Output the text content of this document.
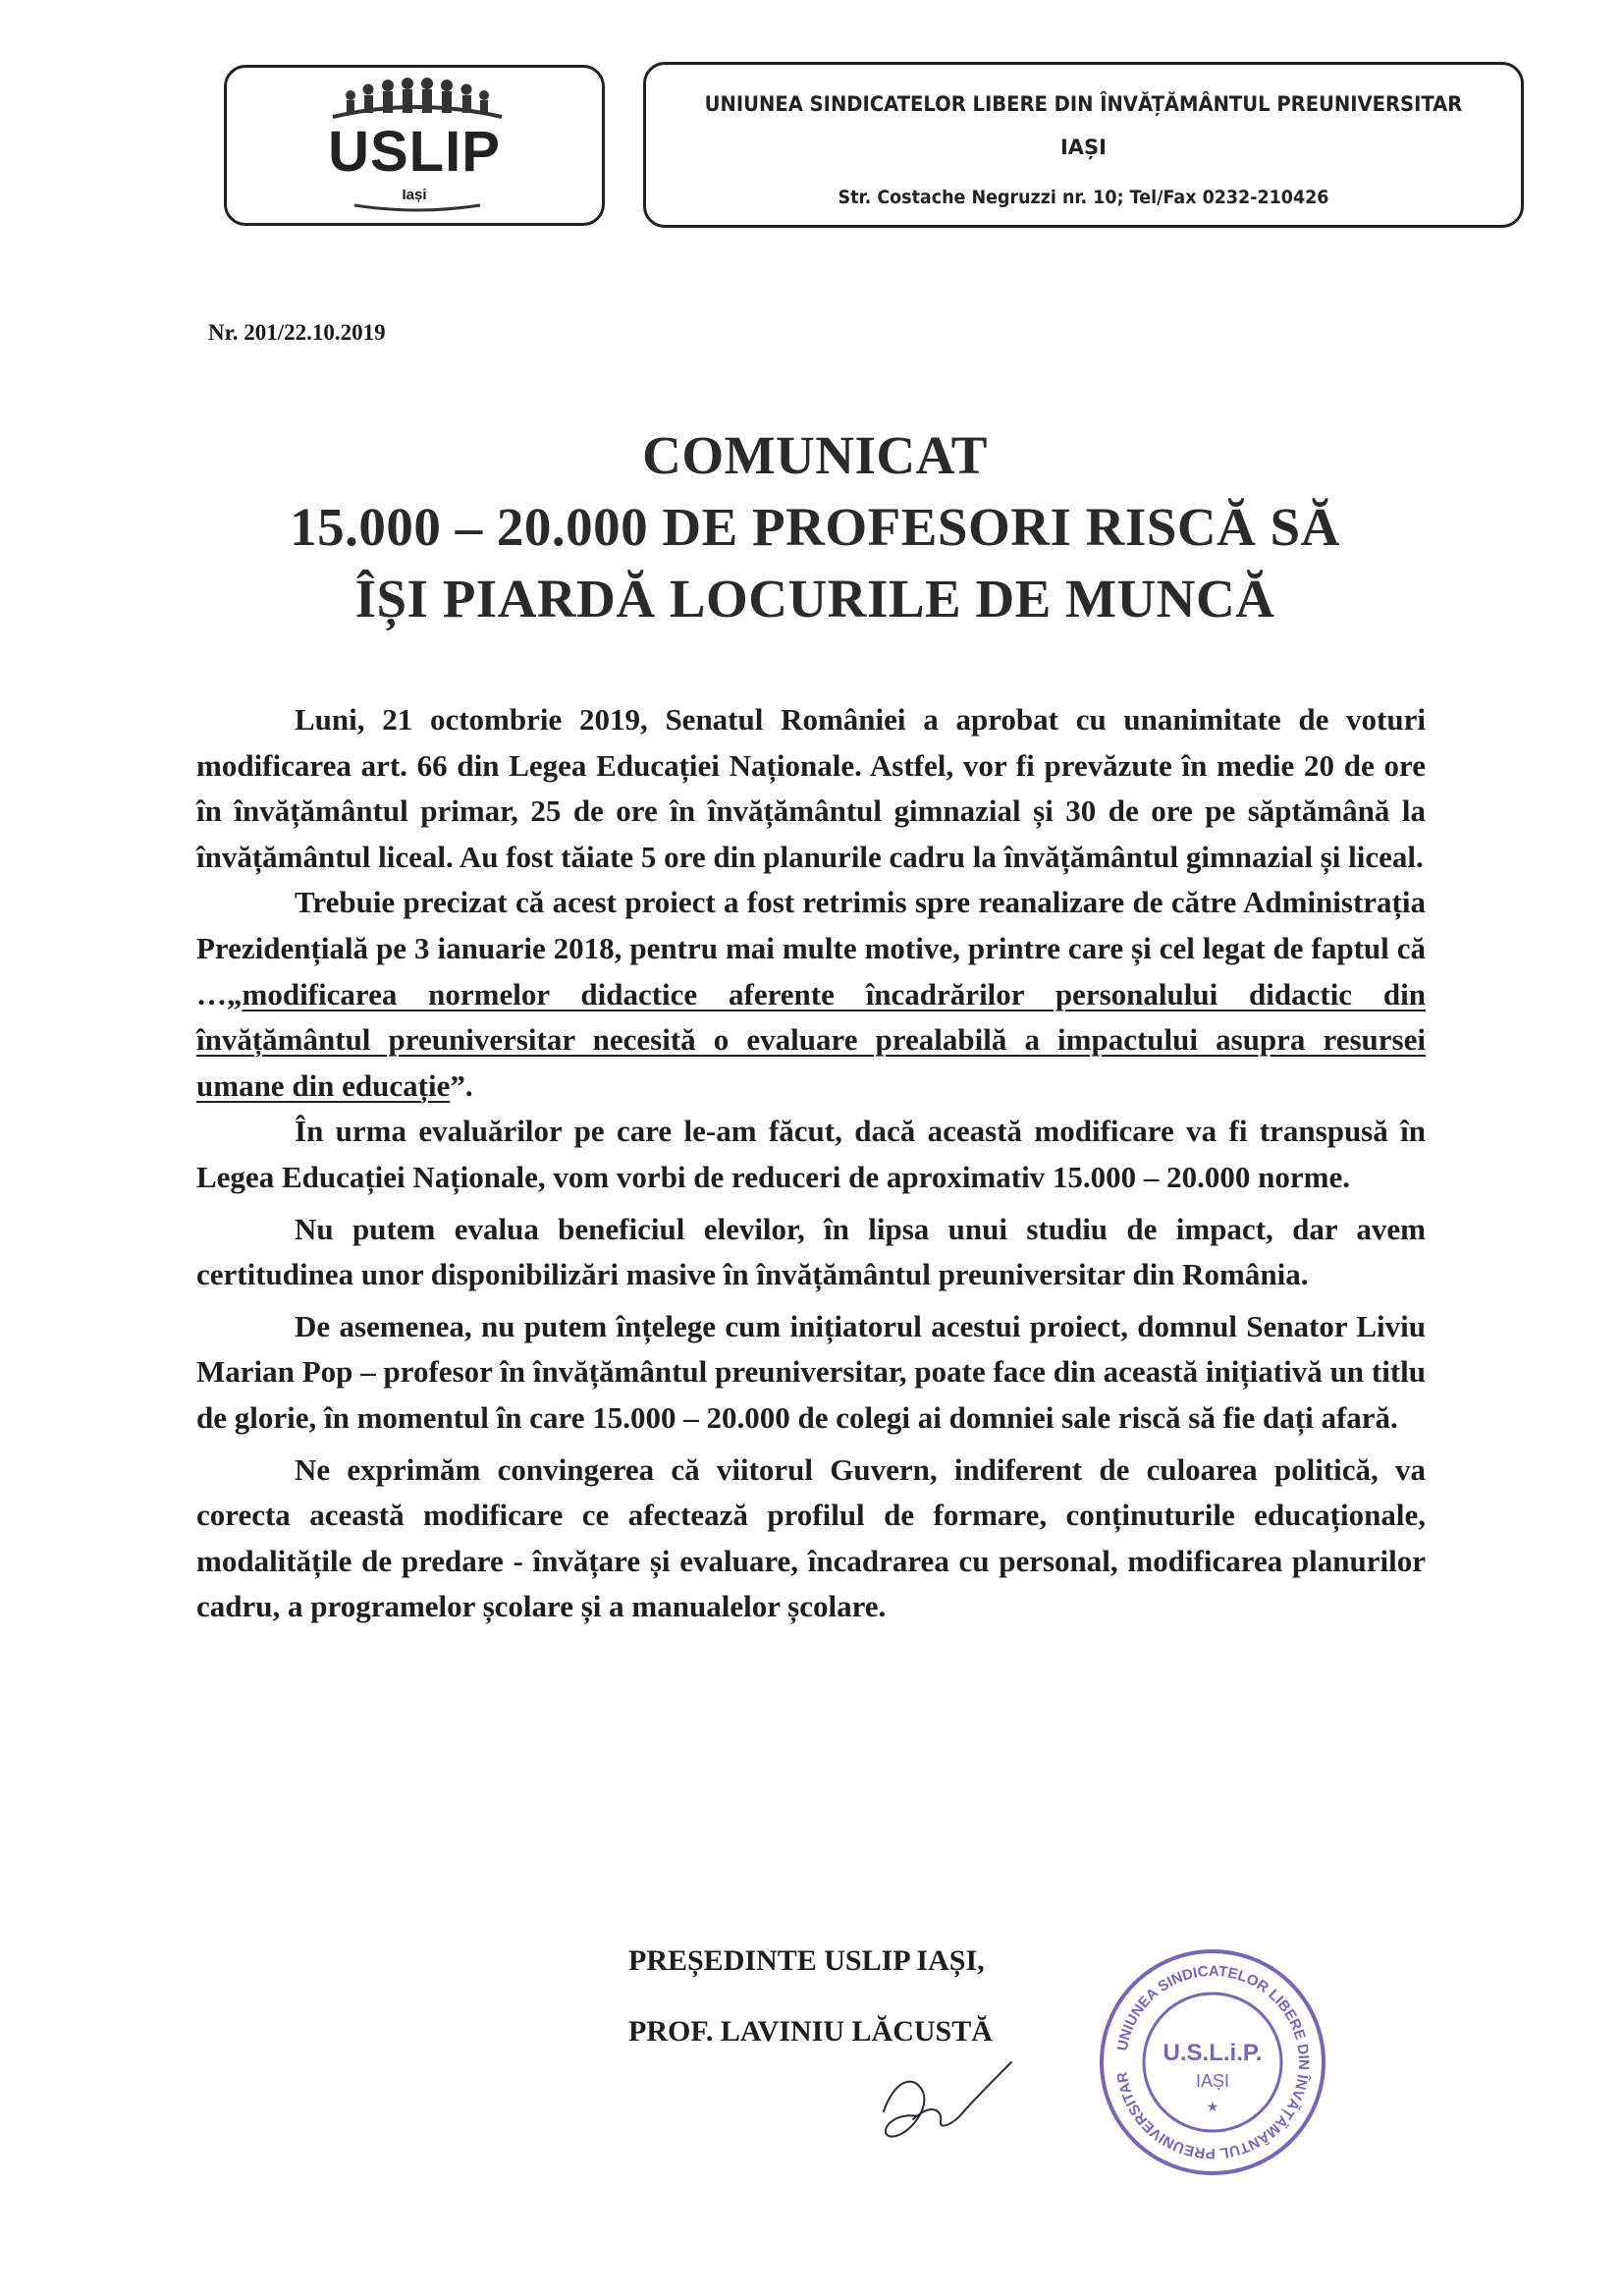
USLIP
Iași
UNIUNEA SINDICATELOR LIBERE DIN ÎNVĂȚĂMÂNTUL PREUNIVERSITAR
IAȘI
Str. Costache Negruzzi nr. 10; Tel/Fax 0232-210426
Nr. 201/22.10.2019
COMUNICAT
15.000 – 20.000 DE PROFESORI RISCĂ SĂ
ÎȘI PIARDĂ LOCURILE DE MUNCĂ

Luni, 21 octombrie 2019, Senatul României a aprobat cu unanimitate de voturi modificarea art. 66 din Legea Educației Naționale. Astfel, vor fi prevăzute în medie 20 de ore în învățământul primar, 25 de ore în învățământul gimnazial și 30 de ore pe săptămână la învățământul liceal. Au fost tăiate 5 ore din planurile cadru la învățământul gimnazial și liceal.

Trebuie precizat că acest proiect a fost retrimis spre reanalizare de către Administrația Prezidențială pe 3 ianuarie 2018, pentru mai multe motive, printre care și cel legat de faptul că …„modificarea normelor didactice aferente încadrărilor personalului didactic din învățământul preuniversitar necesită o evaluare prealabilă a impactului asupra resursei umane din educație”.

În urma evaluărilor pe care le-am făcut, dacă această modificare va fi transpusă în Legea Educației Naționale, vom vorbi de reduceri de aproximativ 15.000 – 20.000 norme.

Nu putem evalua beneficiul elevilor, în lipsa unui studiu de impact, dar avem certitudinea unor disponibilizări masive în învățământul preuniversitar din România.

De asemenea, nu putem înțelege cum inițiatorul acestui proiect, domnul Senator Liviu Marian Pop – profesor în învățământul preuniversitar, poate face din această inițiativă un titlu de glorie, în momentul în care 15.000 – 20.000 de colegi ai domniei sale riscă să fie dați afară.

Ne exprimăm convingerea că viitorul Guvern, indiferent de culoarea politică, va corecta această modificare ce afectează profilul de formare, conținuturile educaționale, modalitățile de predare - învățare și evaluare, încadrarea cu personal, modificarea planurilor cadru, a programelor școlare și a manualelor școlare.

PREȘEDINTE USLIP IAȘI,
PROF. LAVINIU LĂCUSTĂ	UNIUNEA SINDICATELOR LIBERE DIN ÎNVĂȚĂMÂNTUL PREUNIVERSITAR
U.S.L.i.P.
IAȘI
★
